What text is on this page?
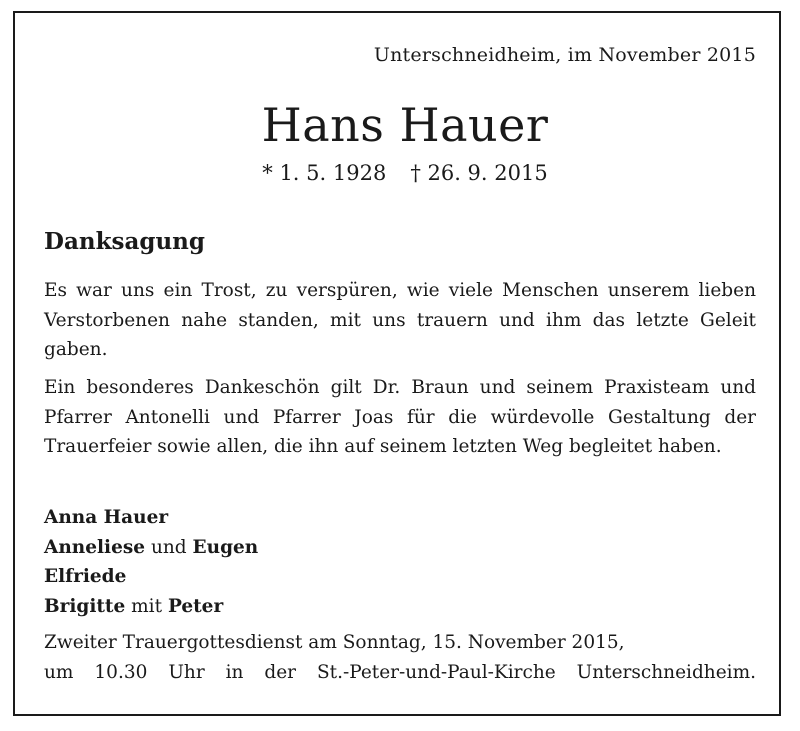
Unterschneidheim, im November 2015
Hans Hauer
* 1. 5. 1928 † 26. 9. 2015
Danksagung

Es war uns ein Trost, zu verspüren, wie viele Menschen unserem lieben Verstorbenen nahe standen, mit uns trauern und ihm das letzte Geleit gaben.

Ein besonderes Dankeschön gilt Dr. Braun und seinem Praxisteam und Pfarrer Antonelli und Pfarrer Joas für die würdevolle Gestaltung der Trauerfeier sowie allen, die ihn auf seinem letzten Weg begleitet haben.

Anna Hauer
Anneliese und Eugen
Elfriede
Brigitte mit Peter
Zweiter Trauergottesdienst am Sonntag, 15. November 2015,
um 10.30 Uhr in der St.-Peter-und-Paul-Kirche Unterschneidheim.
